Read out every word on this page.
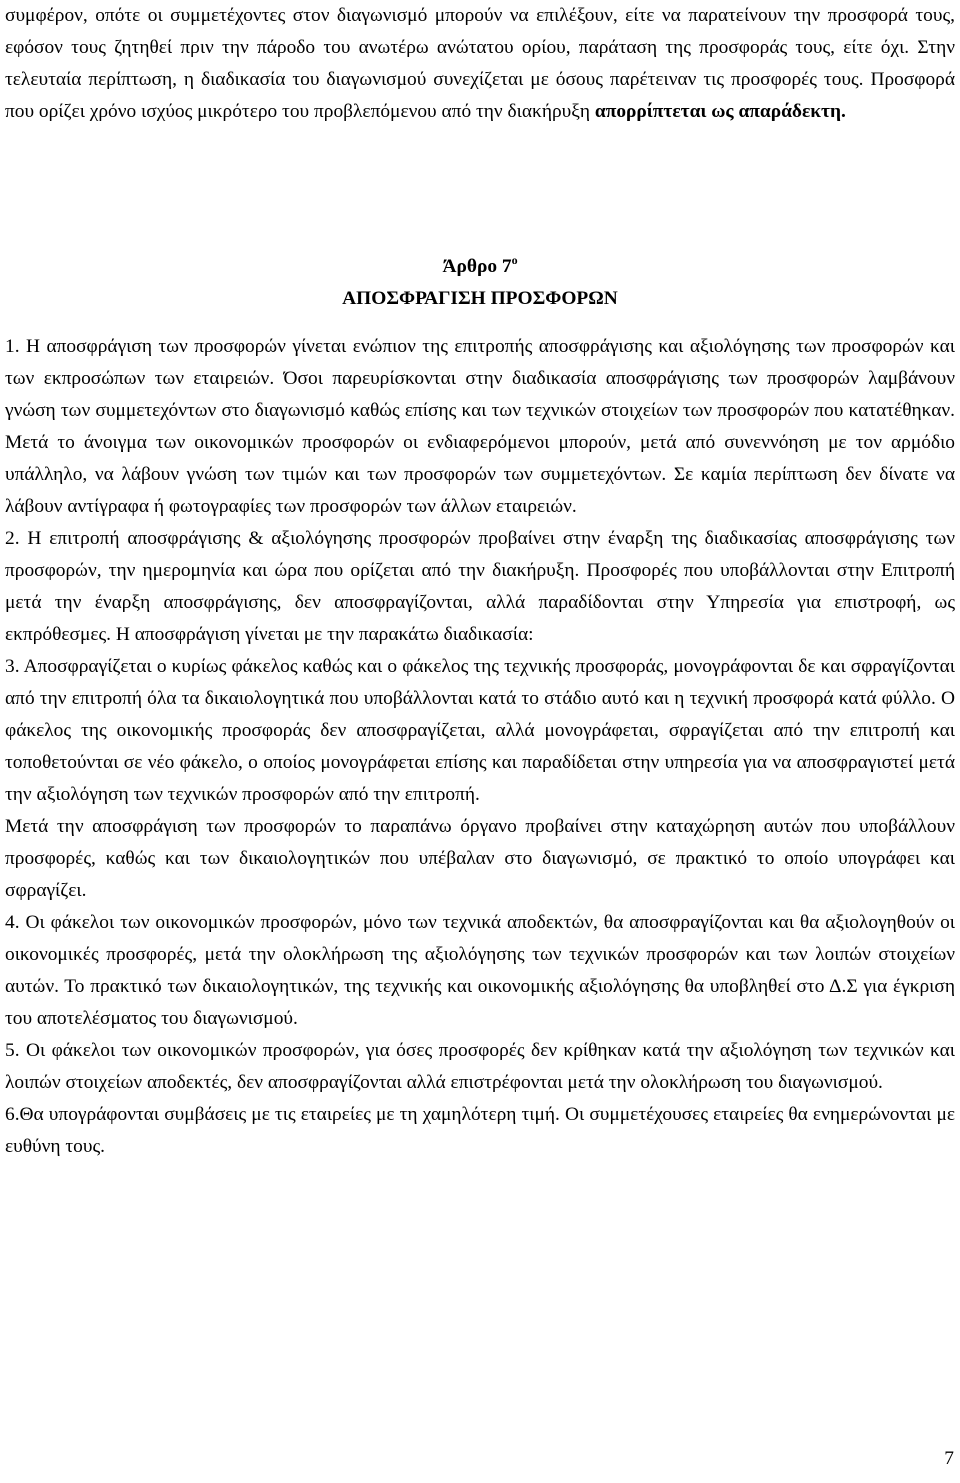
συμφέρον, οπότε οι συμμετέχοντες στον διαγωνισμό μπορούν να επιλέξουν, είτε να παρατείνουν την προσφορά τους, εφόσον τους ζητηθεί πριν την πάροδο του ανωτέρω ανώτατου ορίου, παράταση της προσφοράς τους, είτε όχι. Στην τελευταία περίπτωση, η διαδικασία του διαγωνισμού συνεχίζεται με όσους παρέτειναν τις προσφορές τους. Προσφορά που ορίζει χρόνο ισχύος μικρότερο του προβλεπόμενου από την διακήρυξη απορρίπτεται ως απαράδεκτη.

Άρθρο $7^o$
ΑΠΟΣΦΡΑΓΙΣΗ ΠΡΟΣΦΟΡΩΝ

1. Η αποσφράγιση των προσφορών γίνεται ενώπιον της επιτροπής αποσφράγισης και αξιολόγησης των προσφορών και των εκπροσώπων των εταιρειών. Όσοι παρευρίσκονται στην διαδικασία αποσφράγισης των προσφορών λαμβάνουν γνώση των συμμετεχόντων στο διαγωνισμό καθώς επίσης και των τεχνικών στοιχείων των προσφορών που κατατέθηκαν. Μετά το άνοιγμα των οικονομικών προσφορών οι ενδιαφερόμενοι μπορούν, μετά από συνεννόηση με τον αρμόδιο υπάλληλο, να λάβουν γνώση των τιμών και των προσφορών των συμμετεχόντων. Σε καμία περίπτωση δεν δίνατε να λάβουν αντίγραφα ή φωτογραφίες των προσφορών των άλλων εταιρειών.

2. Η επιτροπή αποσφράγισης & αξιολόγησης προσφορών προβαίνει στην έναρξη της διαδικασίας αποσφράγισης των προσφορών, την ημερομηνία και ώρα που ορίζεται από την διακήρυξη. Προσφορές που υποβάλλονται στην Επιτροπή μετά την έναρξη αποσφράγισης, δεν αποσφραγίζονται, αλλά παραδίδονται στην Υπηρεσία για επιστροφή, ως εκπρόθεσμες. Η αποσφράγιση γίνεται με την παρακάτω διαδικασία:

3. Αποσφραγίζεται ο κυρίως φάκελος καθώς και ο φάκελος της τεχνικής προσφοράς, μονογράφονται δε και σφραγίζονται από την επιτροπή όλα τα δικαιολογητικά που υποβάλλονται κατά το στάδιο αυτό και η τεχνική προσφορά κατά φύλλο. Ο φάκελος της οικονομικής προσφοράς δεν αποσφραγίζεται, αλλά μονογράφεται, σφραγίζεται από την επιτροπή και τοποθετούνται σε νέο φάκελο, ο οποίος μονογράφεται επίσης και παραδίδεται στην υπηρεσία για να αποσφραγιστεί μετά την αξιολόγηση των τεχνικών προσφορών από την επιτροπή.

Μετά την αποσφράγιση των προσφορών το παραπάνω όργανο προβαίνει στην καταχώρηση αυτών που υποβάλλουν προσφορές, καθώς και των δικαιολογητικών που υπέβαλαν στο διαγωνισμό, σε πρακτικό το οποίο υπογράφει και σφραγίζει.

4. Οι φάκελοι των οικονομικών προσφορών, μόνο των τεχνικά αποδεκτών, θα αποσφραγίζονται και θα αξιολογηθούν οι οικονομικές προσφορές, μετά την ολοκλήρωση της αξιολόγησης των τεχνικών προσφορών και των λοιπών στοιχείων αυτών. Το πρακτικό των δικαιολογητικών, της τεχνικής και οικονομικής αξιολόγησης θα υποβληθεί στο Δ.Σ για έγκριση του αποτελέσματος του διαγωνισμού.

5. Οι φάκελοι των οικονομικών προσφορών, για όσες προσφορές δεν κρίθηκαν κατά την αξιολόγηση των τεχνικών και λοιπών στοιχείων αποδεκτές, δεν αποσφραγίζονται αλλά επιστρέφονται μετά την ολοκλήρωση του διαγωνισμού.

6.Θα υπογράφονται συμβάσεις με τις εταιρείες με τη χαμηλότερη τιμή. Οι συμμετέχουσες εταιρείες θα ενημερώνονται με ευθύνη τους.

7
